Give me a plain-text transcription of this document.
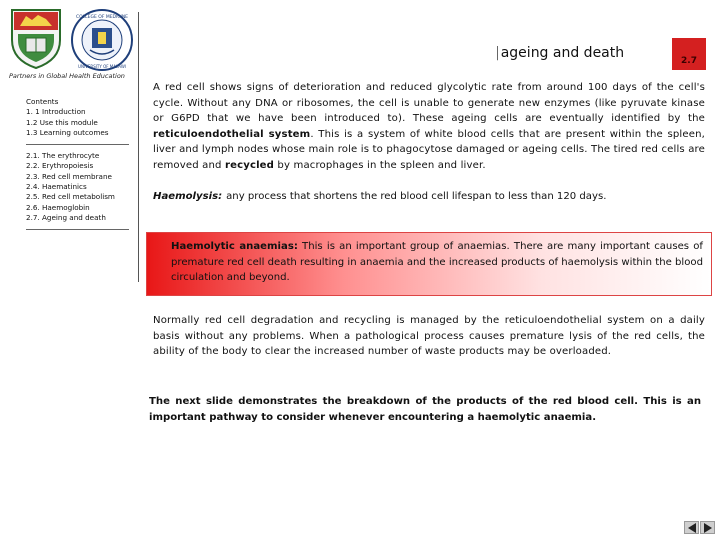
COLLEGE OF MEDICINE
UNIVERSITY OF MALAWI
Partners in Global Health Education
Contents
1. 1 Introduction
1.2 Use this module
1.3 Learning outcomes
2.1. The erythrocyte
2.2. Erythropoiesis
2.3. Red cell membrane
2.4. Haematinics
2.5. Red cell metabolism
2.6. Haemoglobin
2.7. Ageing and death
|ageing and death	2.7
A red cell shows signs of deterioration and reduced glycolytic rate from around 100 days of the cell's cycle. Without any DNA or ribosomes, the cell is unable to generate new enzymes (like pyruvate kinase or G6PD that we have been introduced to). These ageing cells are eventually identified by the reticuloendothelial system. This is a system of white blood cells that are present within the spleen, liver and lymph nodes whose main role is to phagocytose damaged or ageing cells. The tired red cells are removed and recycled by macrophages in the spleen and liver.
Haemolysis: any process that shortens the red blood cell lifespan to less than 120 days.
Haemolytic anaemias: This is an important group of anaemias. There are many important causes of premature red cell death resulting in anaemia and the increased products of haemolysis within the blood circulation and beyond.
Normally red cell degradation and recycling is managed by the reticuloendothelial system on a daily basis without any problems. When a pathological process causes premature lysis of the red cells, the ability of the body to clear the increased number of waste products may be overloaded.
The next slide demonstrates the breakdown of the products of the red blood cell. This is an important pathway to consider whenever encountering a haemolytic anaemia.
